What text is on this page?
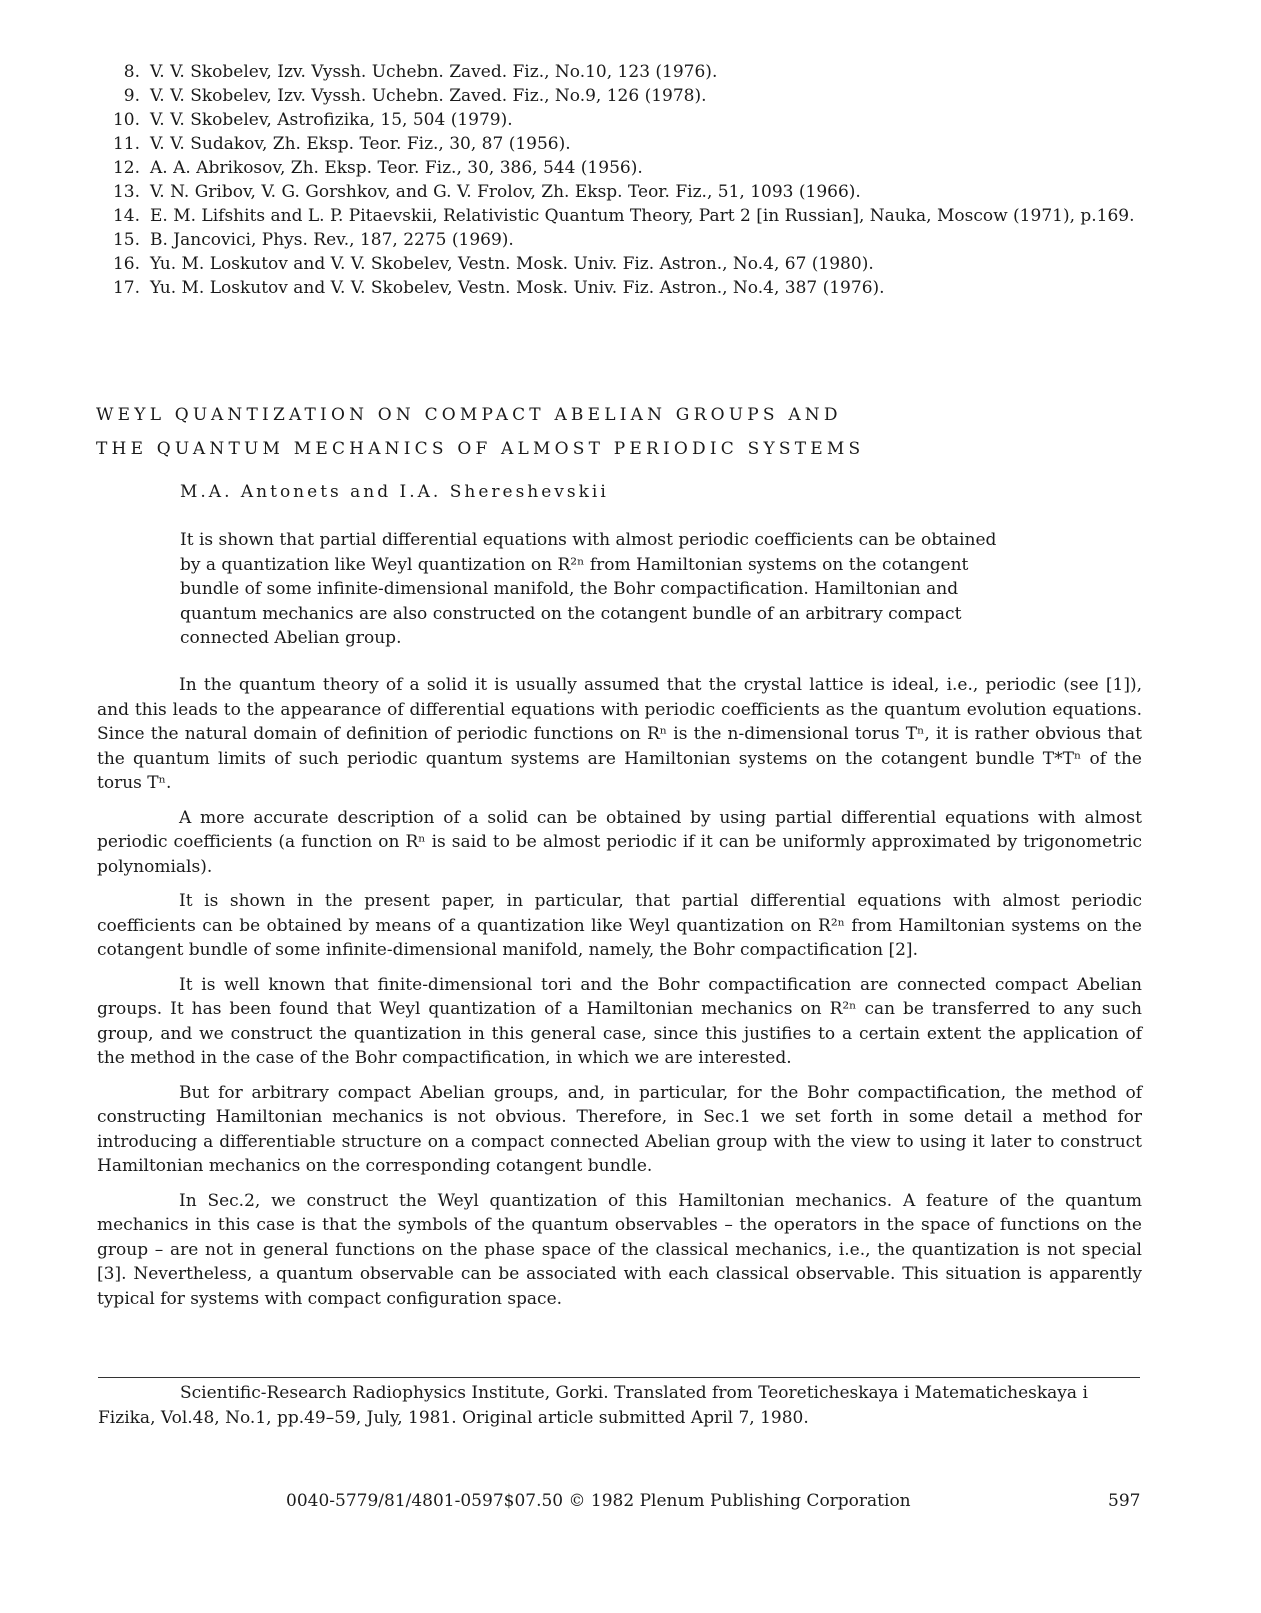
8. V. V. Skobelev, Izv. Vyssh. Uchebn. Zaved. Fiz., No.10, 123 (1976).
9. V. V. Skobelev, Izv. Vyssh. Uchebn. Zaved. Fiz., No.9, 126 (1978).
10. V. V. Skobelev, Astrofizika, 15, 504 (1979).
11. V. V. Sudakov, Zh. Eksp. Teor. Fiz., 30, 87 (1956).
12. A. A. Abrikosov, Zh. Eksp. Teor. Fiz., 30, 386, 544 (1956).
13. V. N. Gribov, V. G. Gorshkov, and G. V. Frolov, Zh. Eksp. Teor. Fiz., 51, 1093 (1966).
14. E. M. Lifshits and L. P. Pitaevskii, Relativistic Quantum Theory, Part 2 [in Russian], Nauka, Moscow (1971), p.169.
15. B. Jancovici, Phys. Rev., 187, 2275 (1969).
16. Yu. M. Loskutov and V. V. Skobelev, Vestn. Mosk. Univ. Fiz. Astron., No.4, 67 (1980).
17. Yu. M. Loskutov and V. V. Skobelev, Vestn. Mosk. Univ. Fiz. Astron., No.4, 387 (1976).
WEYL QUANTIZATION ON COMPACT ABELIAN GROUPS AND
THE QUANTUM MECHANICS OF ALMOST PERIODIC SYSTEMS
M.A. Antonets and I.A. Shereshevskii
It is shown that partial differential equations with almost periodic coefficients can be obtained by a quantization like Weyl quantization on R²ⁿ from Hamiltonian systems on the cotangent bundle of some infinite-dimensional manifold, the Bohr compactification. Hamiltonian and quantum mechanics are also constructed on the cotangent bundle of an arbitrary compact connected Abelian group.

In the quantum theory of a solid it is usually assumed that the crystal lattice is ideal, i.e., periodic (see [1]), and this leads to the appearance of differential equations with periodic coefficients as the quantum evolution equations. Since the natural domain of definition of periodic functions on Rⁿ is the n-dimensional torus Tⁿ, it is rather obvious that the quantum limits of such periodic quantum systems are Hamiltonian systems on the cotangent bundle T*Tⁿ of the torus Tⁿ.

A more accurate description of a solid can be obtained by using partial differential equations with almost periodic coefficients (a function on Rⁿ is said to be almost periodic if it can be uniformly approximated by trigonometric polynomials).

It is shown in the present paper, in particular, that partial differential equations with almost periodic coefficients can be obtained by means of a quantization like Weyl quantization on R²ⁿ from Hamiltonian systems on the cotangent bundle of some infinite-dimensional manifold, namely, the Bohr compactification [2].

It is well known that finite-dimensional tori and the Bohr compactification are connected compact Abelian groups. It has been found that Weyl quantization of a Hamiltonian mechanics on R²ⁿ can be transferred to any such group, and we construct the quantization in this general case, since this justifies to a certain extent the application of the method in the case of the Bohr compactification, in which we are interested.

But for arbitrary compact Abelian groups, and, in particular, for the Bohr compactification, the method of constructing Hamiltonian mechanics is not obvious. Therefore, in Sec.1 we set forth in some detail a method for introducing a differentiable structure on a compact connected Abelian group with the view to using it later to construct Hamiltonian mechanics on the corresponding cotangent bundle.

In Sec.2, we construct the Weyl quantization of this Hamiltonian mechanics. A feature of the quantum mechanics in this case is that the symbols of the quantum observables – the operators in the space of functions on the group – are not in general functions on the phase space of the classical mechanics, i.e., the quantization is not special [3]. Nevertheless, a quantum observable can be associated with each classical observable. This situation is apparently typical for systems with compact configuration space.

Scientific-Research Radiophysics Institute, Gorki. Translated from Teoreticheskaya i Matematicheskaya i Fizika, Vol.48, No.1, pp.49–59, July, 1981. Original article submitted April 7, 1980.
0040-5779/81/4801-0597$07.50 © 1982 Plenum Publishing Corporation	597
